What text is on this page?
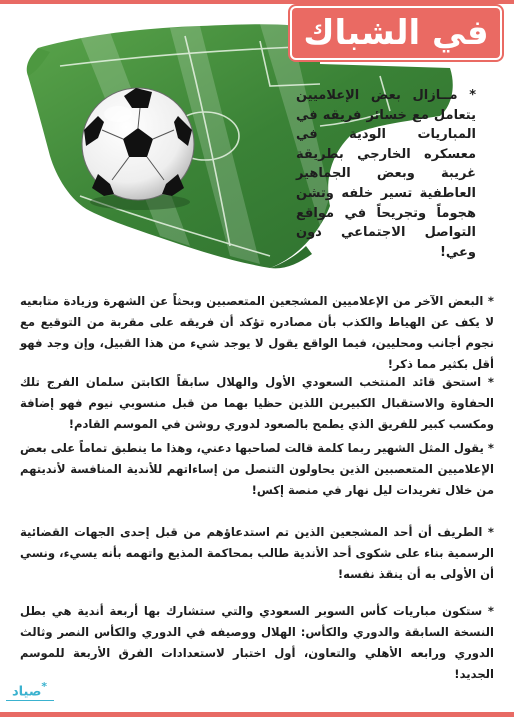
في الشباك
* مــازال بعض الإعلاميين يتعامل مع خسائر فريقه في المباريات الودية في معسكره الخارجي بطريقة غريبة وبعض الجماهير العاطفية تسير خلفه وتشن هجوماً وتجريحاً في مواقع التواصل الاجتماعي دون وعي!
* البعض الآخر من الإعلاميين المشجعين المتعصبين وبحثاً عن الشهرة وزيادة متابعيه لا يكف عن الهياط والكذب بأن مصادره تؤكد أن فريقه على مقربة من التوقيع مع نجوم أجانب ومحليين، فيما الواقع يقول لا يوجد شيء من هذا القبيل، وإن وجد فهو أقل بكثير مما ذكر!
* استحق قائد المنتخب السعودي الأول والهلال سابقاً الكابتن سلمان الفرج تلك الحفاوة والاستقبال الكبيرين اللذين حظيا بهما من قبل منسوبي نيوم فهو إضافة ومكسب كبير للفريق الذي يطمح بالصعود لدوري روشن في الموسم القادم!
* يقول المثل الشهير ربما كلمة قالت لصاحبها دعني، وهذا ما ينطبق تماماً على بعض الإعلاميين المتعصبين الذين يحاولون التنصل من إساءاتهم للأندية المنافسة لأنديتهم من خلال تغريدات ليل نهار في منصة إكس!
* الطريف أن أحد المشجعين الذين تم استدعاؤهم من قبل إحدى الجهات القضائية الرسمية بناء على شكوى أحد الأندية طالب بمحاكمة المذيع واتهمه بأنه يسيء، ونسي أن الأولى به أن ينقذ نفسه!
* ستكون مباريات كأس السوبر السعودي والتي ستشارك بها أربعة أندية هي بطل النسخة السابقة والدوري والكأس: الهلال ووصيفه في الدوري والكأس النصر وثالث الدوري ورابعه الأهلي والتعاون، أول اختبار لاستعدادات الفرق الأربعة للموسم الجديد!
*صياد
